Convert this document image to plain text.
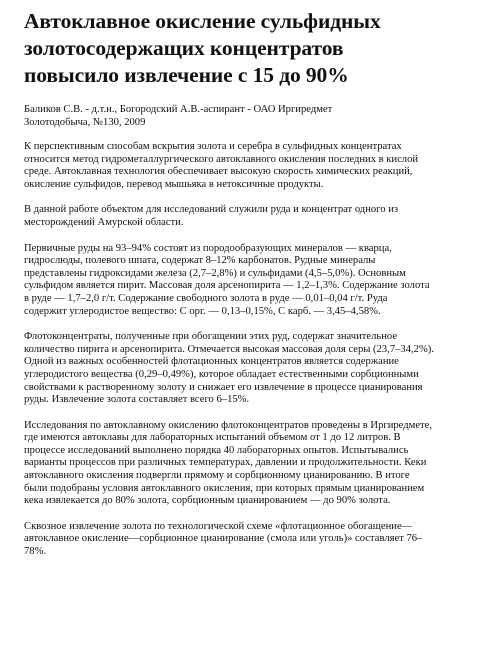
Автоклавное окисление сульфидных
золотосодержащих концентратов
повысило извлечение с 15 до 90%
Баликов С.В. - д.т.н., Богородский А.В.-аспирант - ОАО Иргиредмет
Золотодобыча, №130, 2009
К перспективным способам вскрытия золота и серебра в сульфидных концентратах
относится метод гидрометаллургического автоклавного окисления последних в кислой
среде. Автоклавная технология обеспечивает высокую скорость химических реакций,
окисление сульфидов, перевод мышьяка в нетоксичные продукты.
В данной работе объектом для исследований служили руда и концентрат одного из
месторождений Амурской области.
Первичные руды на 93–94% состоят из породообразующих минералов — кварца,
гидрослюды, полевого шпата, содержат 8–12% карбонатов. Рудные минералы
представлены гидроксидами железа (2,7–2,8%) и сульфидами (4,5–5,0%). Основным
сульфидом является пирит. Массовая доля арсенопирита — 1,2–1,3%. Содержание золота
в руде — 1,7–2,0 г/т. Содержание свободного золота в руде — 0,01–0,04 г/т. Руда
содержит углеродистое вещество: С орг. — 0,13–0,15%, С карб. — 3,45–4,58%.
Флотоконцентраты, полученные при обогащении этих руд, содержат значительное
количество пирита и арсенопирита. Отмечается высокая массовая доля серы (23,7–34,2%).
Одной из важных особенностей флотационных концентратов является содержание
углеродистого вещества (0,29–0,49%), которое обладает естественными сорбционными
свойствами к растворенному золоту и снижает его извлечение в процессе цианирования
руды. Извлечение золота составляет всего 6–15%.
Исследования по автоклавному окислению флотоконцентратов проведены в Иргиредмете,
где имеются автоклавы для лабораторных испытаний объемом от 1 до 12 литров. В
процессе исследований выполнено порядка 40 лабораторных опытов. Испытывались
варианты процессов при различных температурах, давлении и продолжительности. Кеки
автоклавного окисления подвергли прямому и сорбционному цианированию. В итоге
были подобраны условия автоклавного окисления, при которых прямым цианированием
кека извлекается до 80% золота, сорбционным цианированием — до 90% золота.
Сквозное извлечение золота по технологической схеме «флотационное обогащение—
автоклавное окисление—сорбционное цианирование (смола или уголь)» составляет 76–
78%.
